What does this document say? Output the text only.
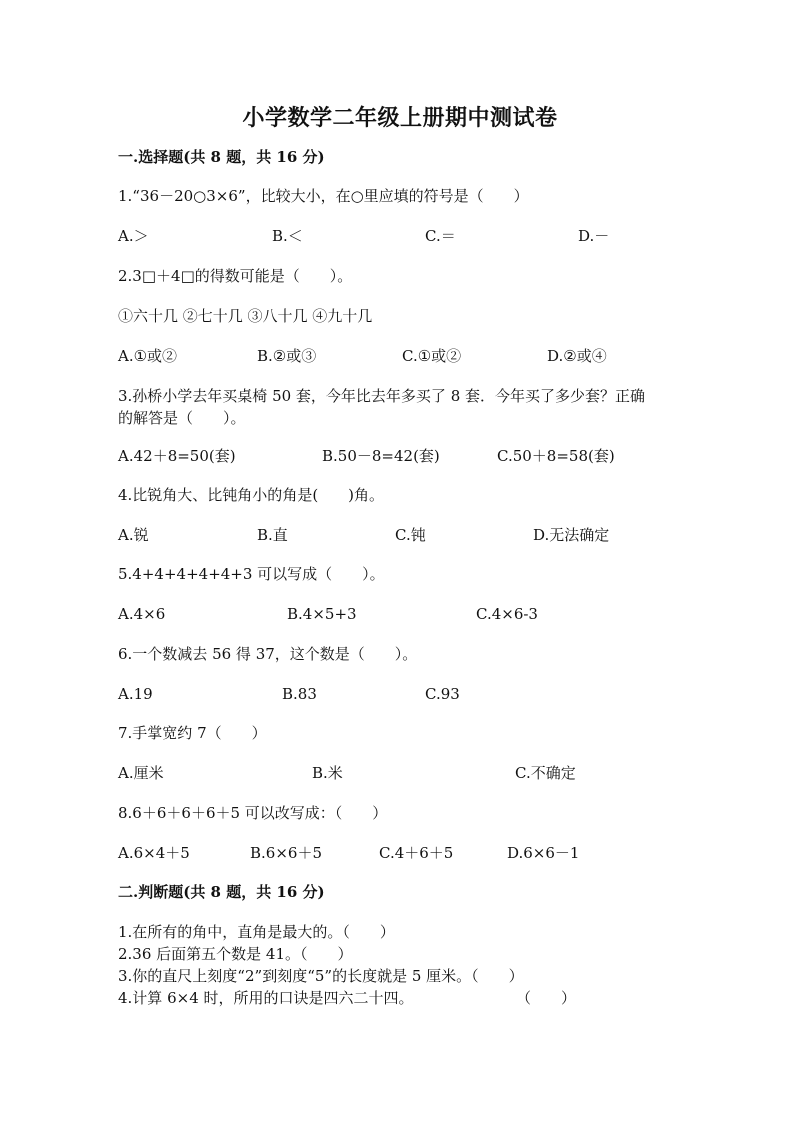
小学数学二年级上册期中测试卷
一.选择题(共 8 题，共 16 分)
1.“36－20○3×6”，比较大小，在○里应填的符号是（　　）
A.＞	B.＜	C.＝	D.－
2.3□＋4□的得数可能是（　　）。
①六十几 ②七十几 ③八十几 ④九十几
A.①或②	B.②或③	C.①或②	D.②或④
3.孙桥小学去年买桌椅 50 套，今年比去年多买了 8 套．今年买了多少套？正确
的解答是（　　）。
A.42＋8=50(套)	B.50－8=42(套)	C.50＋8=58(套)
4.比锐角大、比钝角小的角是(　　)角。
A.锐	B.直	C.钝	D.无法确定
5.4+4+4+4+4+3 可以写成（　　）。
A.4×6	B.4×5+3	C.4×6-3
6.一个数减去 56 得 37，这个数是（　　）。
A.19	B.83	C.93
7.手掌宽约 7（　　）
A.厘米	B.米	C.不确定
8.6＋6＋6＋6＋5 可以改写成：（　　）
A.6×4＋5	B.6×6＋5	C.4＋6＋5	D.6×6－1
二.判断题(共 8 题，共 16 分)
1.在所有的角中，直角是最大的。（　　）
2.36 后面第五个数是 41。（　　）
3.你的直尺上刻度“2”到刻度“5”的长度就是 5 厘米。（　　）
4.计算 6×4 时，所用的口诀是四六二十四。	（　　）
